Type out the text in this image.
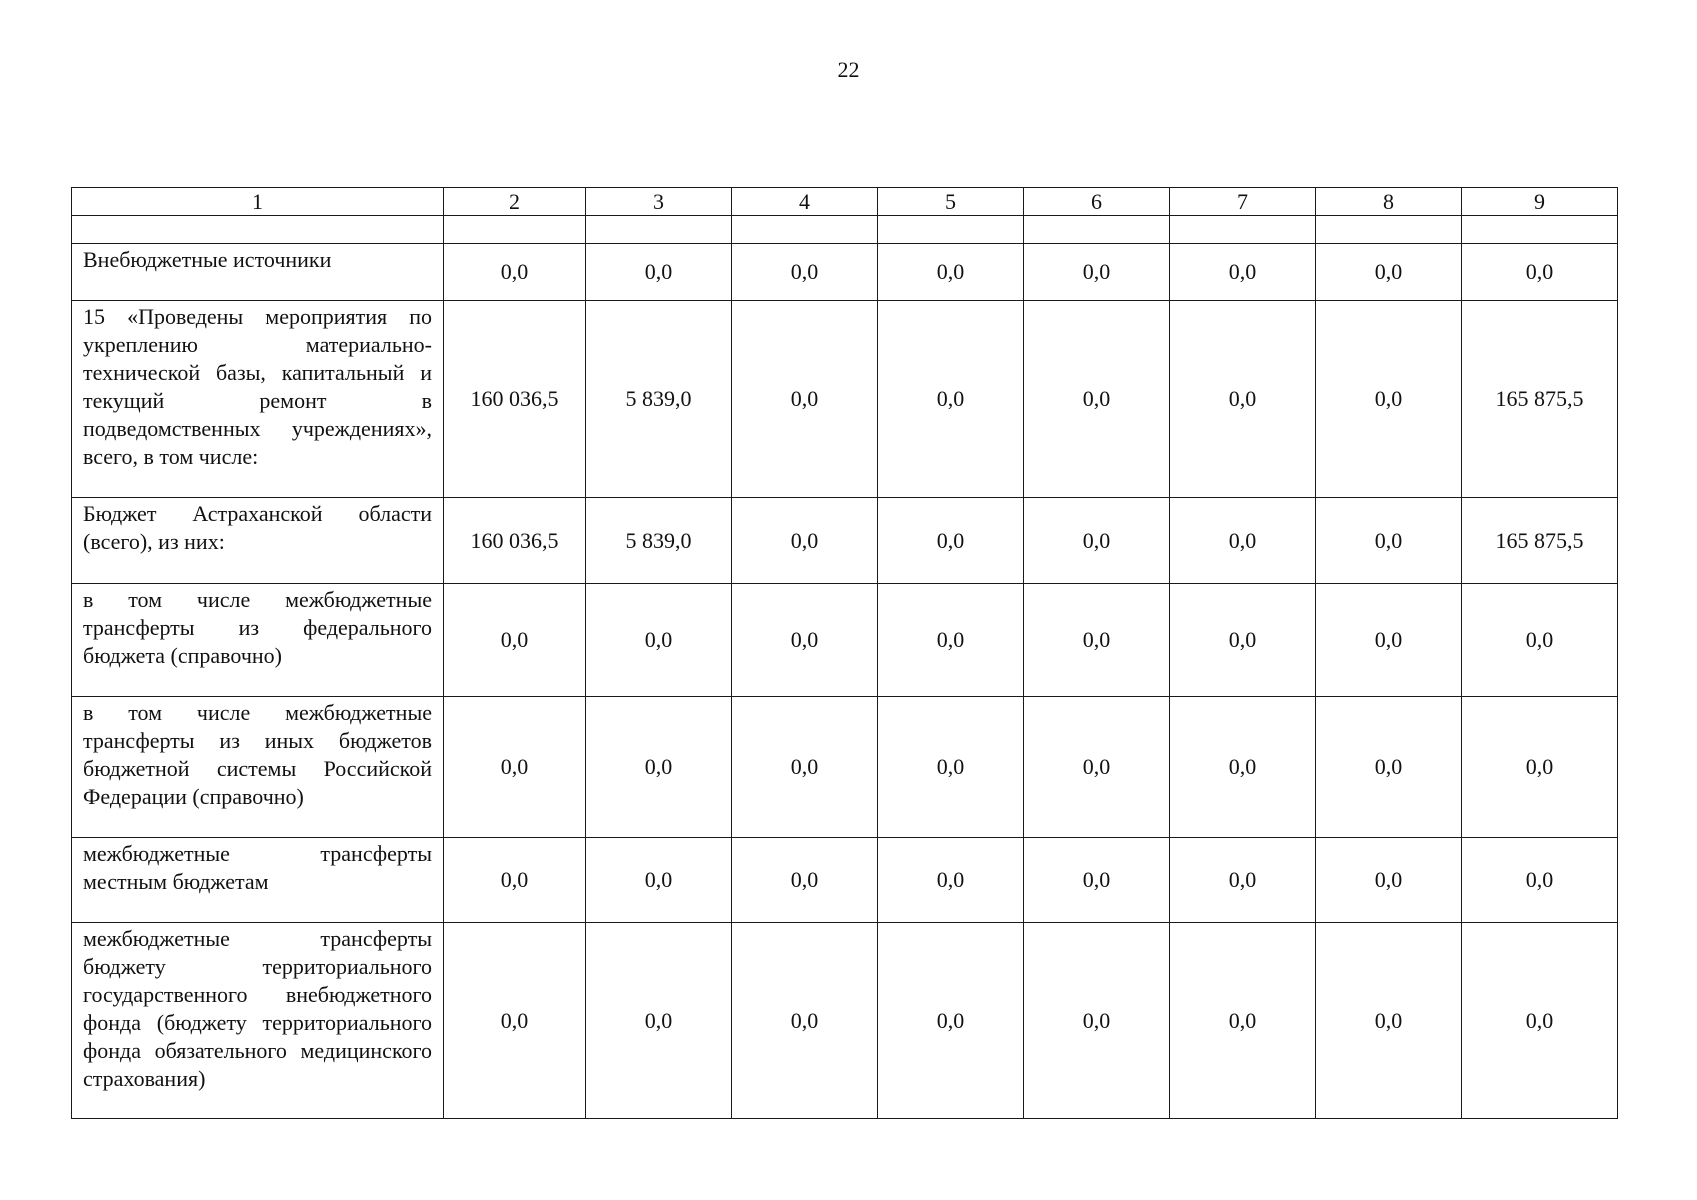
22
1	2	3	4	5	6	7	8	9

Внебюджетные источники	0,0	0,0	0,0	0,0	0,0	0,0	0,0	0,0

15 «Проведены мероприятия по укреплению материально-технической базы, капитальный и текущий ремонт в подведомственных учреждениях», всего, в том числе:	160 036,5	5 839,0	0,0	0,0	0,0	0,0	0,0	165 875,5

Бюджет Астраханской области (всего), из них:	160 036,5	5 839,0	0,0	0,0	0,0	0,0	0,0	165 875,5

в том числе межбюджетные трансферты из федерального бюджета (справочно)	0,0	0,0	0,0	0,0	0,0	0,0	0,0	0,0

в том числе межбюджетные трансферты из иных бюджетов бюджетной системы Российской Федерации (справочно)	0,0	0,0	0,0	0,0	0,0	0,0	0,0	0,0

межбюджетные трансферты местным бюджетам	0,0	0,0	0,0	0,0	0,0	0,0	0,0	0,0

межбюджетные трансферты бюджету территориального государственного внебюджетного фонда (бюджету территориального фонда обязательного медицинского страхования)	0,0	0,0	0,0	0,0	0,0	0,0	0,0	0,0
